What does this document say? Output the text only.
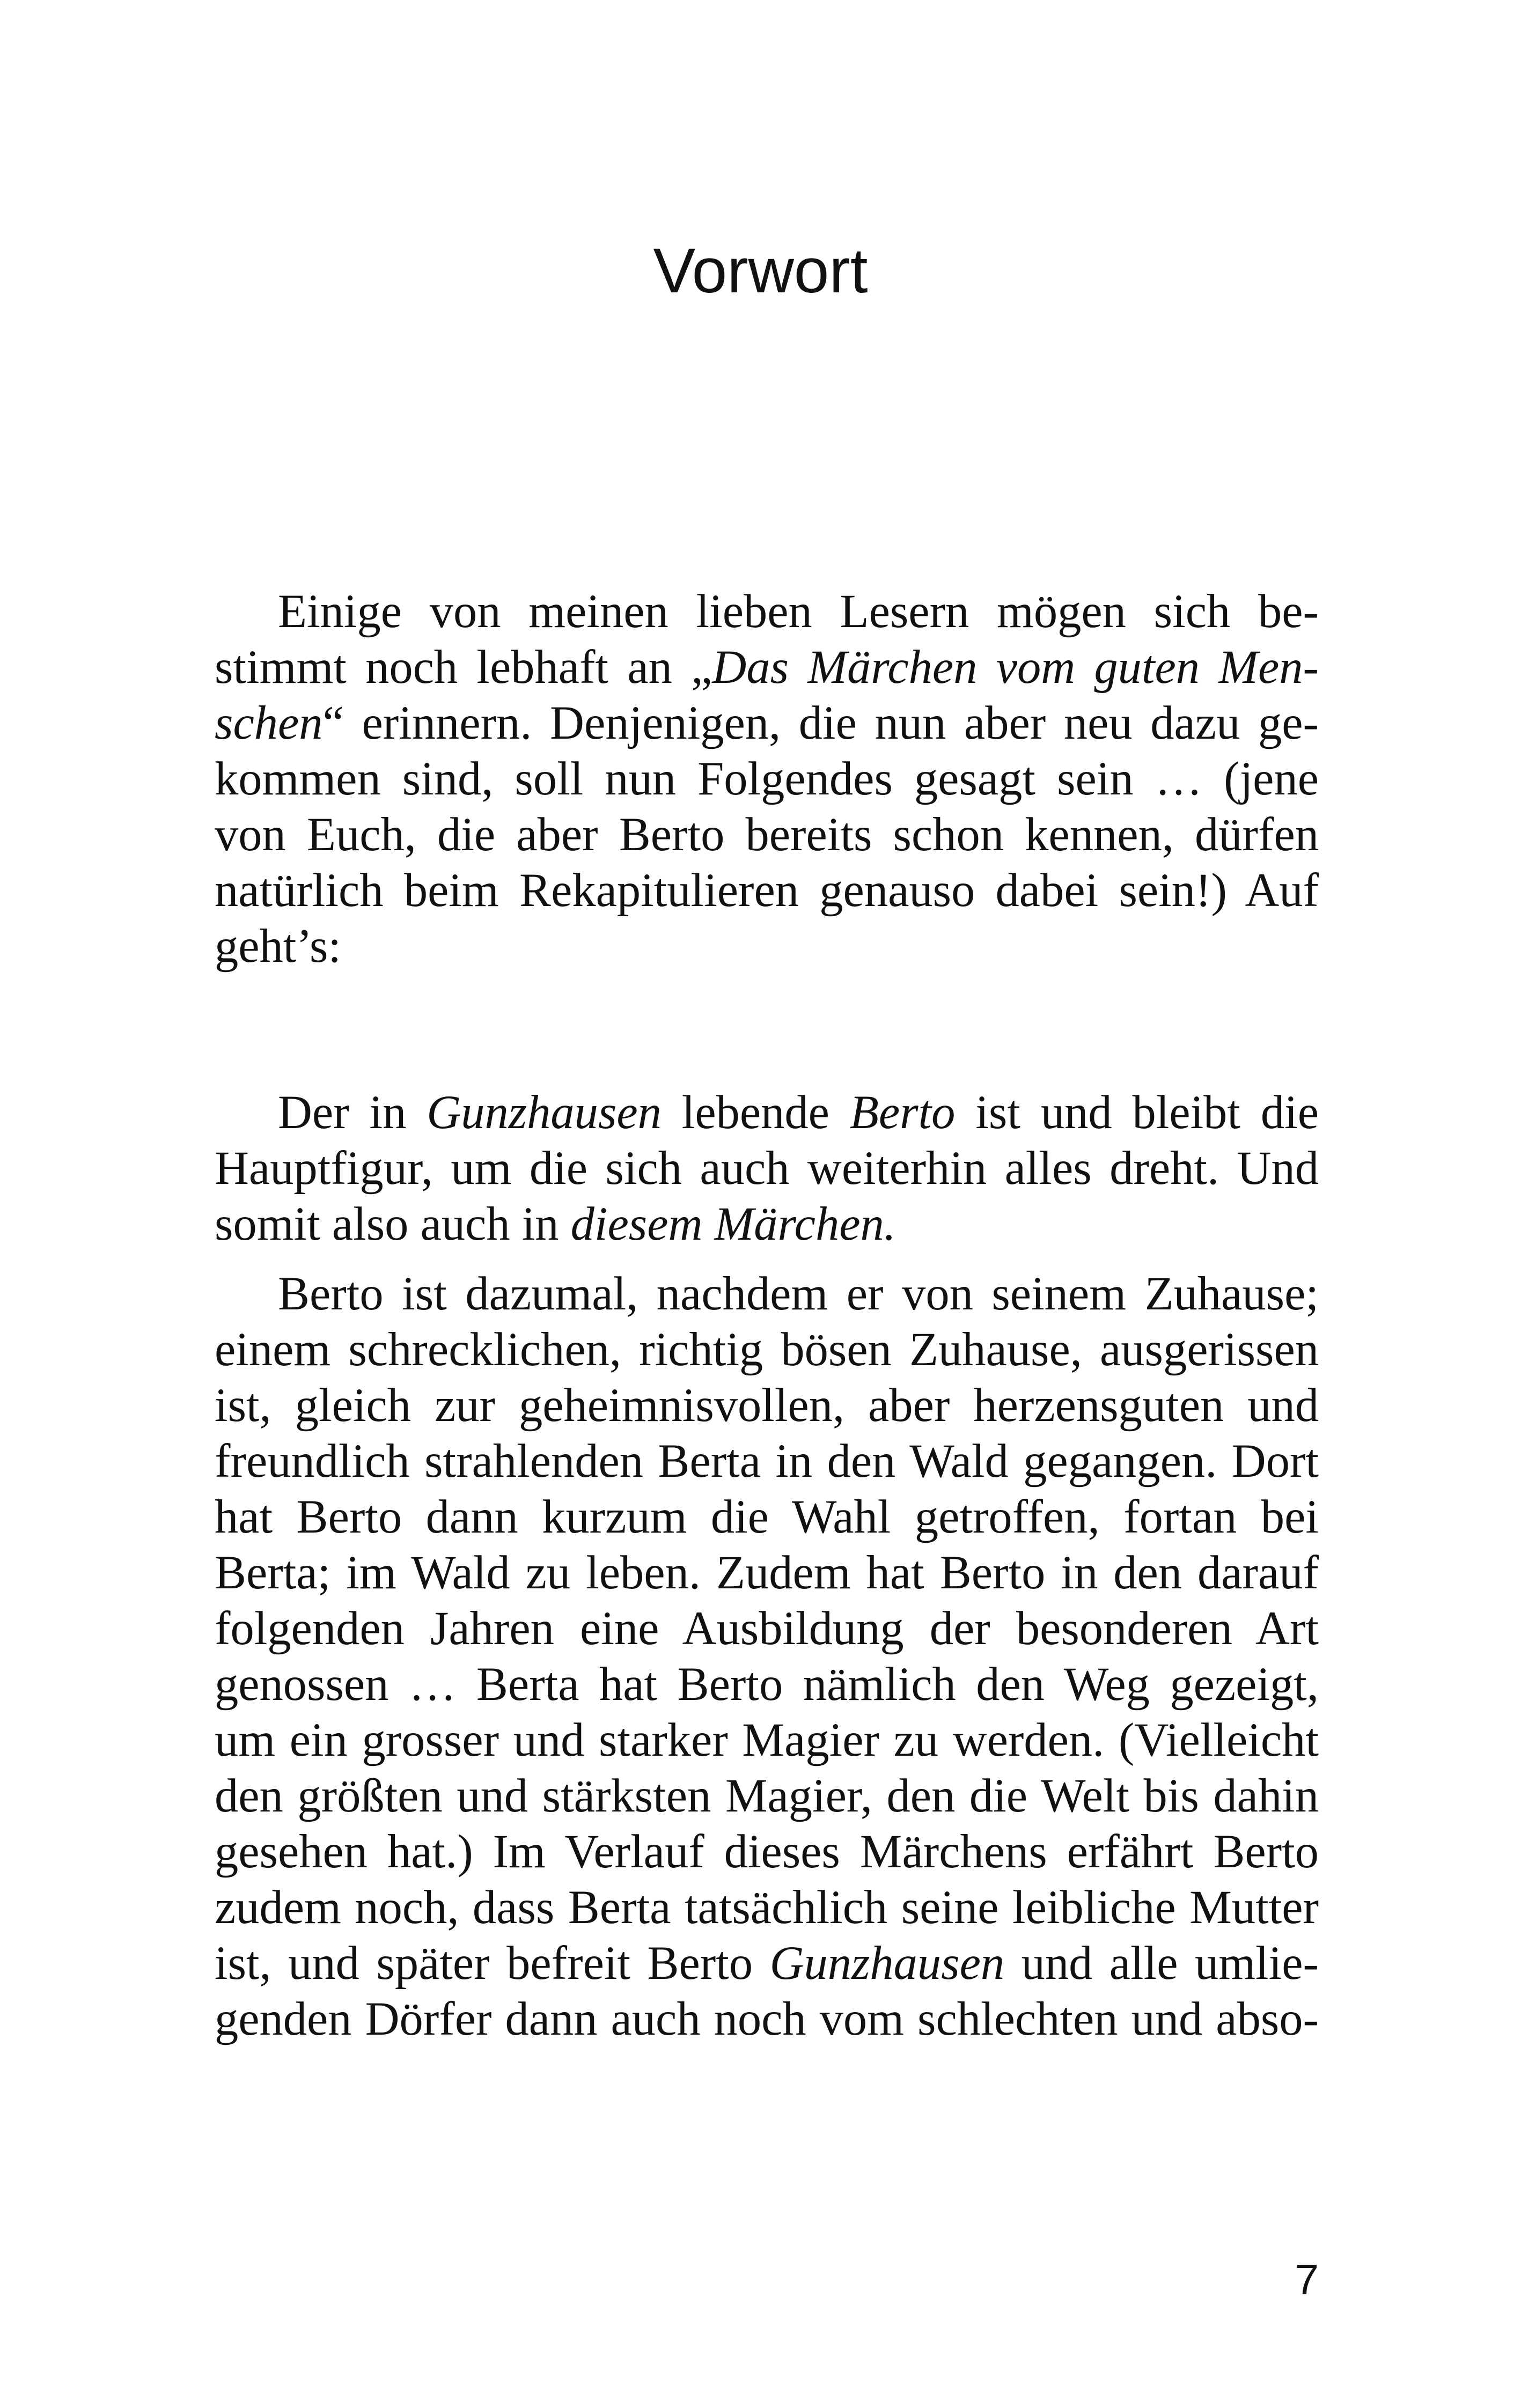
Vorwort

Einige von meinen lieben Lesern mögen sich bestimmt noch lebhaft an „Das Märchen vom guten Menschen“ erinnern. Denjenigen, die nun aber neu dazu gekommen sind, soll nun Folgendes gesagt sein … (jene von Euch, die aber Berto bereits schon kennen, dürfen natürlich beim Rekapitulieren genauso dabei sein!) Auf geht’s:

Der in Gunzhausen lebende Berto ist und bleibt die Hauptfigur, um die sich auch weiterhin alles dreht. Und somit also auch in diesem Märchen.

Berto ist dazumal, nachdem er von seinem Zuhause; einem schrecklichen, richtig bösen Zuhause, ausgerissen ist, gleich zur geheimnisvollen, aber herzensguten und freundlich strahlenden Berta in den Wald gegangen. Dort hat Berto dann kurzum die Wahl getroffen, fortan bei Berta; im Wald zu leben. Zudem hat Berto in den darauf folgenden Jahren eine Ausbildung der besonderen Art genossen … Berta hat Berto nämlich den Weg gezeigt, um ein grosser und starker Magier zu werden. (Vielleicht den größten und stärksten Magier, den die Welt bis dahin gesehen hat.) Im Verlauf dieses Märchens erfährt Berto zudem noch, dass Berta tatsächlich seine leibliche Mutter ist, und später befreit Berto Gunzhausen und alle umliegenden Dörfer dann auch noch vom schlechten und abso-

7
